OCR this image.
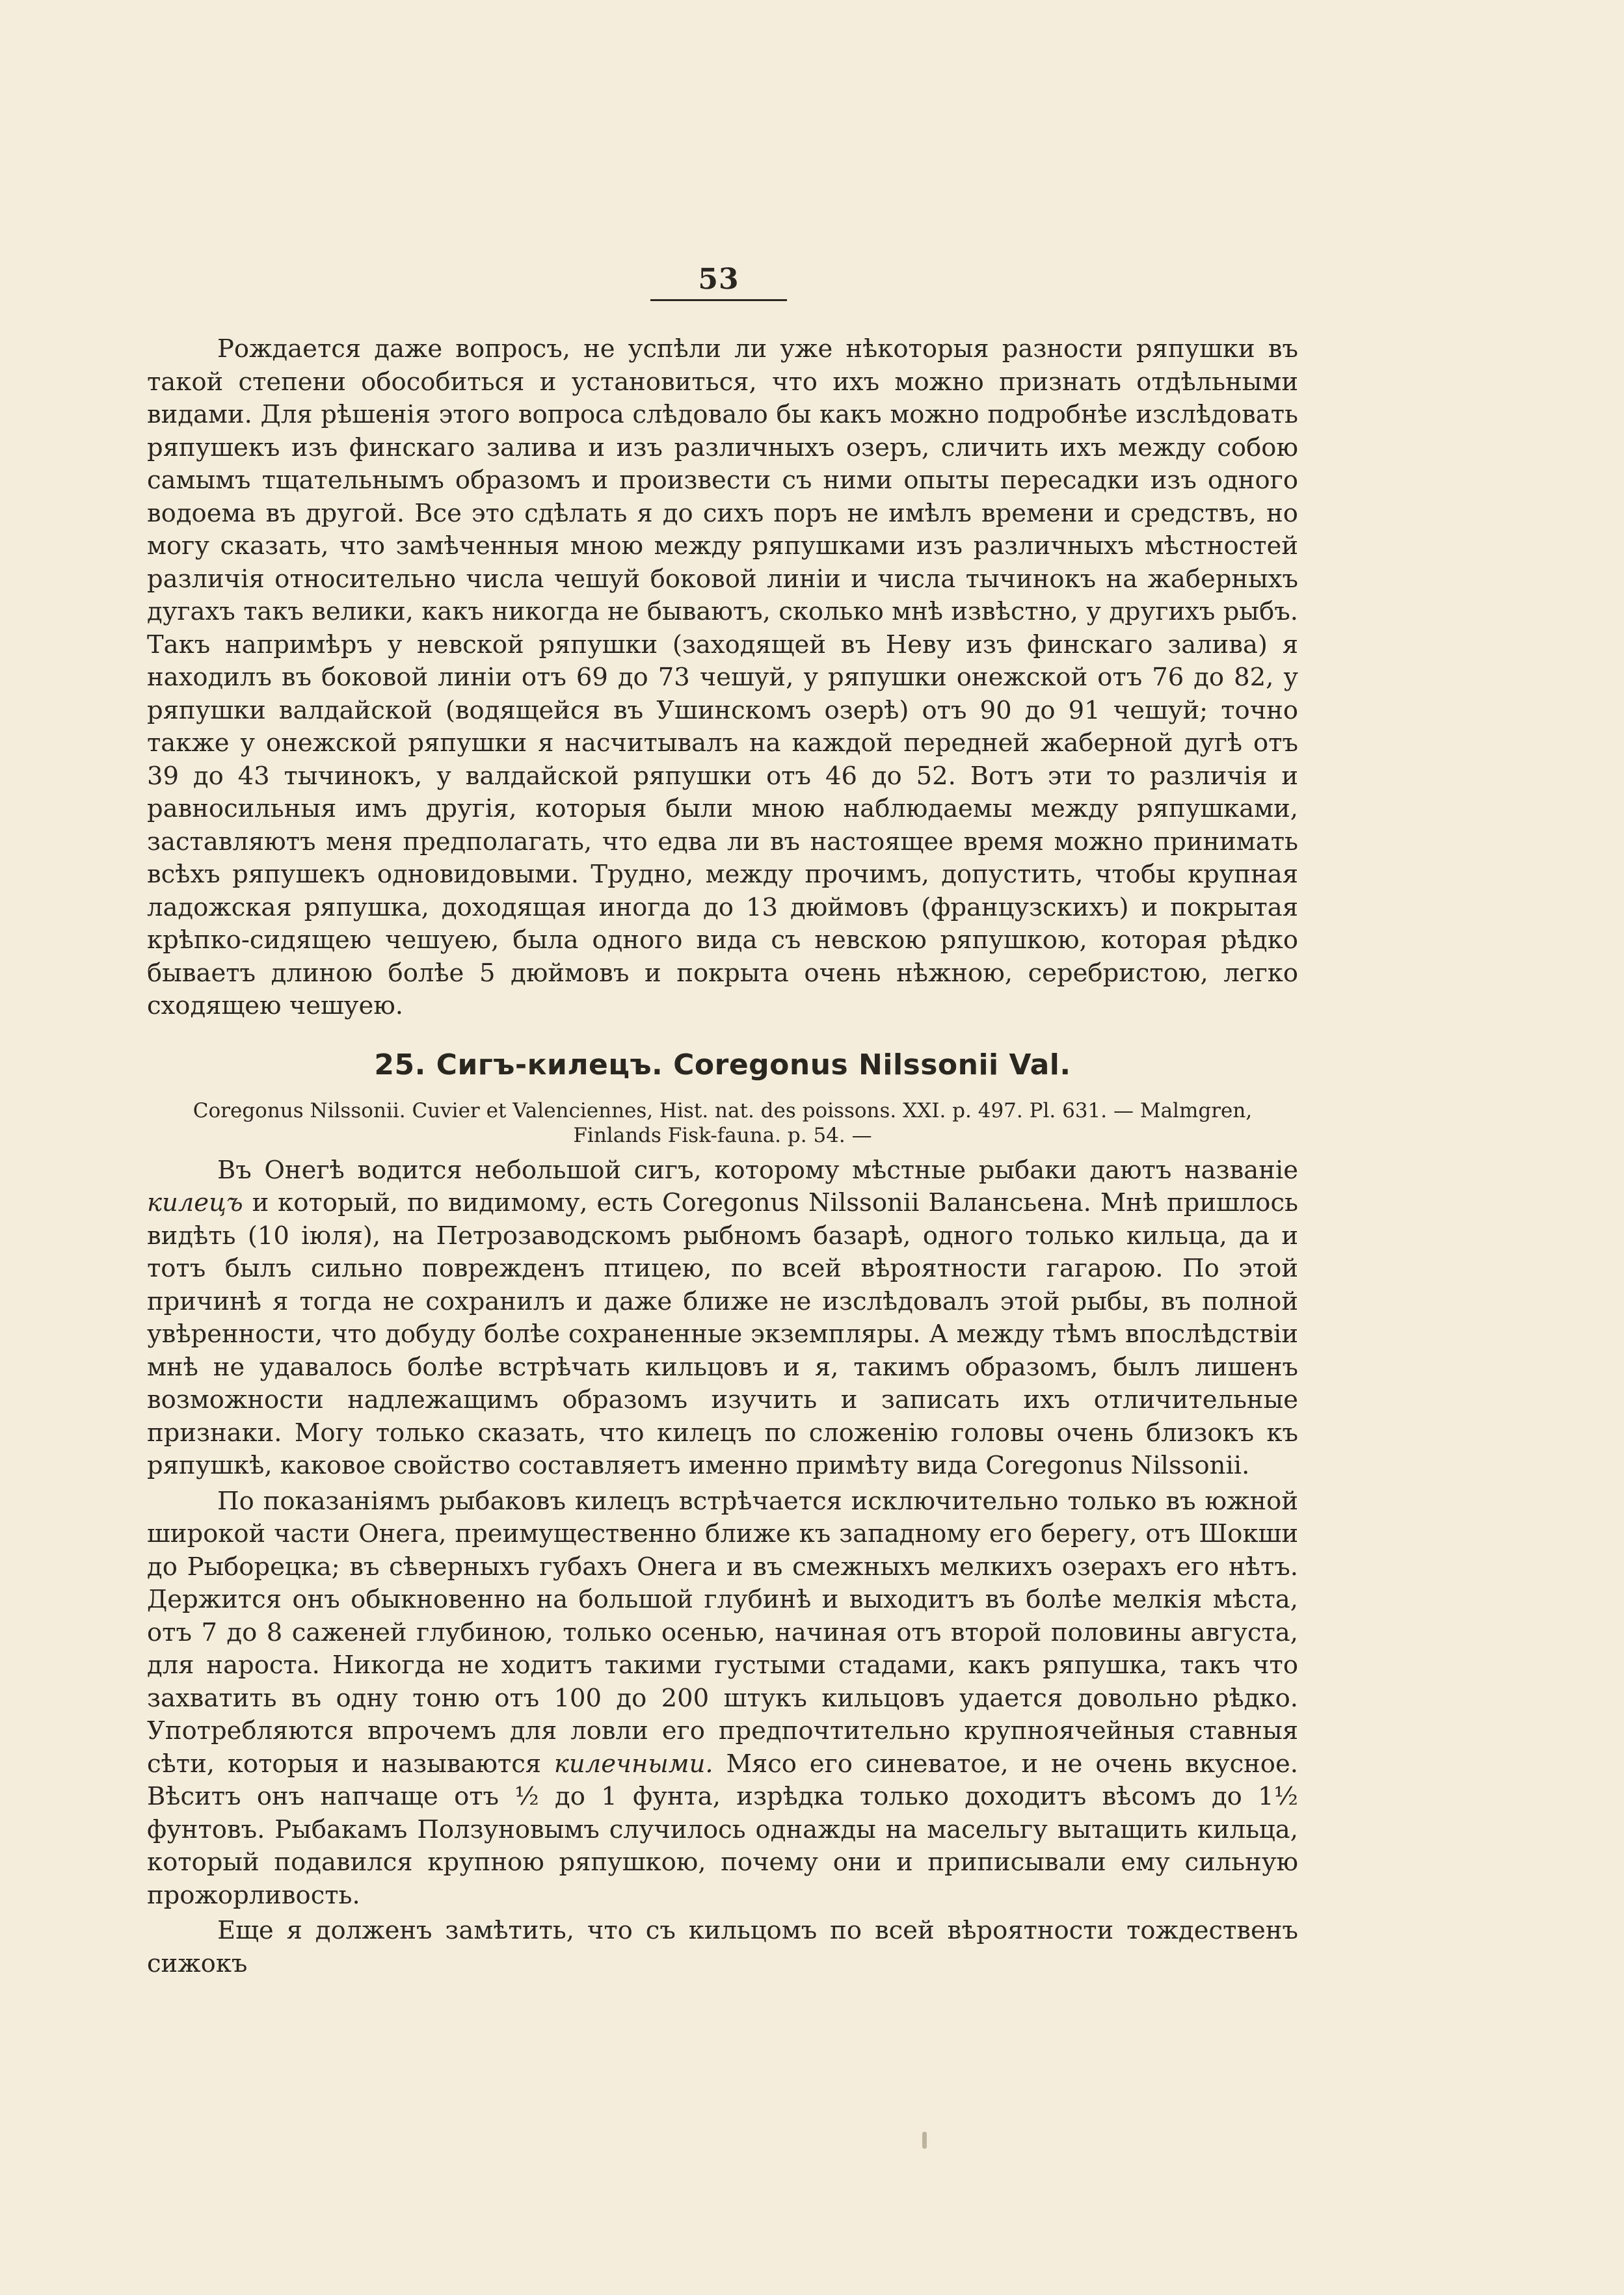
53

Рождается даже вопросъ, не успѣли ли уже нѣкоторыя разности ряпушки въ такой степени обособиться и установиться, что ихъ можно признать отдѣльными видами. Для рѣшенія этого вопроса слѣдовало бы какъ можно подробнѣе изслѣдовать ряпушекъ изъ финскаго залива и изъ различныхъ озеръ, сличить ихъ между собою самымъ тщательнымъ образомъ и произвести съ ними опыты пересадки изъ одного водоема въ другой. Все это сдѣлать я до сихъ поръ не имѣлъ времени и средствъ, но могу сказать, что замѣченныя мною между ряпушками изъ различныхъ мѣстностей различія относительно числа чешуй боковой линіи и числа тычинокъ на жаберныхъ дугахъ такъ велики, какъ никогда не бываютъ, сколько мнѣ извѣстно, у другихъ рыбъ. Такъ напримѣръ у невской ряпушки (заходящей въ Неву изъ финскаго залива) я находилъ въ боковой линіи отъ 69 до 73 чешуй, у ряпушки онежской отъ 76 до 82, у ряпушки валдайской (водящейся въ Ушинскомъ озерѣ) отъ 90 до 91 чешуй; точно также у онежской ряпушки я насчитывалъ на каждой передней жаберной дугѣ отъ 39 до 43 тычинокъ, у валдайской ряпушки отъ 46 до 52. Вотъ эти то различія и равносильныя имъ другія, которыя были мною наблюдаемы между ряпушками, заставляютъ меня предполагать, что едва ли въ настоящее время можно принимать всѣхъ ряпушекъ одновидовыми. Трудно, между прочимъ, допустить, чтобы крупная ладожская ряпушка, доходящая иногда до 13 дюймовъ (французскихъ) и покрытая крѣпко-сидящею чешуею, была одного вида съ невскою ряпушкою, которая рѣдко бываетъ длиною болѣе 5 дюймовъ и покрыта очень нѣжною, серебристою, легко сходящею чешуею.

25. Сигъ-килецъ. Coregonus Nilssonii Val.
Coregonus Nilssonii. Cuvier et Valenciennes, Hist. nat. des poissons. XXI. p. 497. Pl. 631. — Malmgren, Finlands Fisk-fauna. p. 54. —

Въ Онегѣ водится небольшой сигъ, которому мѣстные рыбаки даютъ названіе килецъ и который, по видимому, есть Coregonus Nilssonii Валансьена. Мнѣ пришлось видѣть (10 іюля), на Петрозаводскомъ рыбномъ базарѣ, одного только кильца, да и тотъ былъ сильно поврежденъ птицею, по всей вѣроятности гагарою. По этой причинѣ я тогда не сохранилъ и даже ближе не изслѣдовалъ этой рыбы, въ полной увѣренности, что добуду болѣе сохраненные экземпляры. А между тѣмъ впослѣдствіи мнѣ не удавалось болѣе встрѣчать кильцовъ и я, такимъ образомъ, былъ лишенъ возможности надлежащимъ образомъ изучить и записать ихъ отличительные признаки. Могу только сказать, что килецъ по сложенію головы очень близокъ къ ряпушкѣ, каковое свойство составляетъ именно примѣту вида Coregonus Nilssonii.

По показаніямъ рыбаковъ килецъ встрѣчается исключительно только въ южной широкой части Онега, преимущественно ближе къ западному его берегу, отъ Шокши до Рыборецка; въ сѣверныхъ губахъ Онега и въ смежныхъ мелкихъ озерахъ его нѣтъ. Держится онъ обыкновенно на большой глубинѣ и выходитъ въ болѣе мелкія мѣста, отъ 7 до 8 саженей глубиною, только осенью, начиная отъ второй половины августа, для нароста. Никогда не ходитъ такими густыми стадами, какъ ряпушка, такъ что захватить въ одну тоню отъ 100 до 200 штукъ кильцовъ удается довольно рѣдко. Употребляются впрочемъ для ловли его предпочтительно крупноячейныя ставныя сѣти, которыя и называются килечными. Мясо его синеватое, и не очень вкусное. Вѣситъ онъ напчаще отъ ½ до 1 фунта, изрѣдка только доходитъ вѣсомъ до 1½ фунтовъ. Рыбакамъ Ползуновымъ случилось однажды на масельгу вытащить кильца, который подавился крупною ряпушкою, почему они и приписывали ему сильную прожорливость.

Еще я долженъ замѣтить, что съ кильцомъ по всей вѣроятности тождественъ сижокъ
